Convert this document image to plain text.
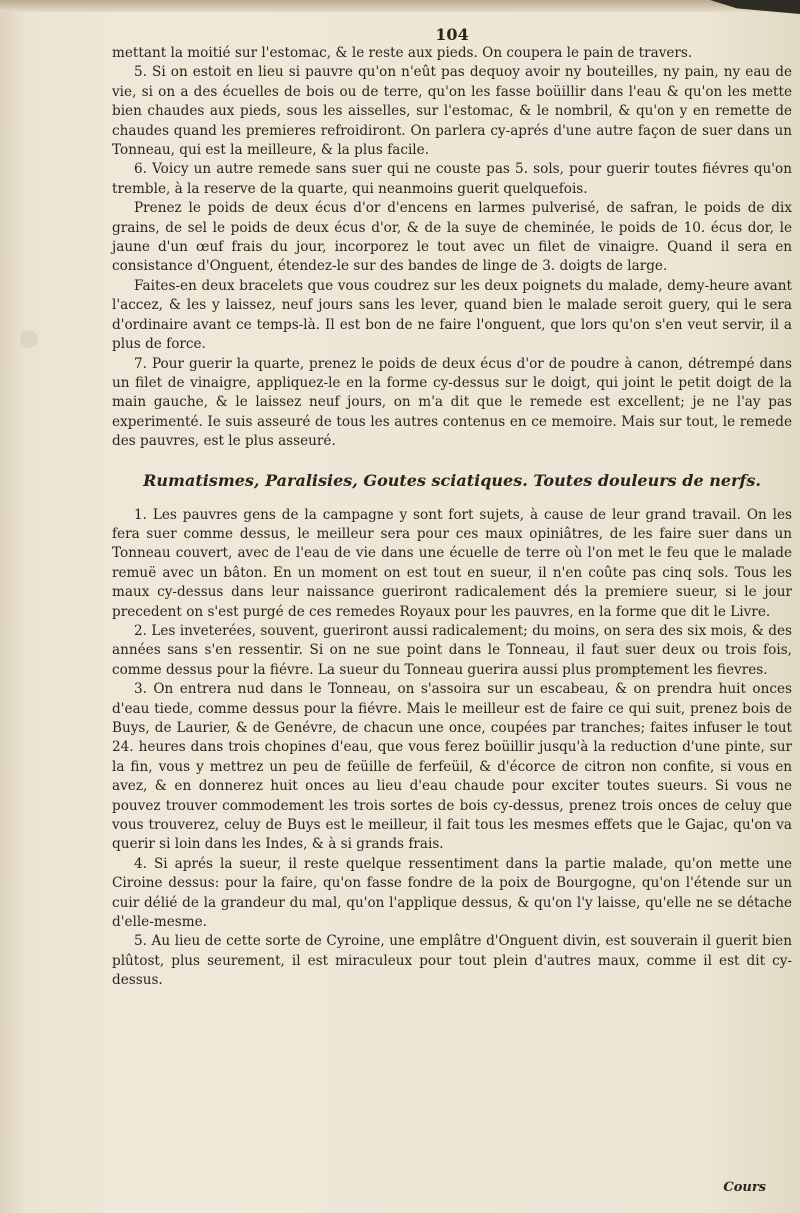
104

mettant la moitié sur l'estomac, & le reste aux pieds. On coupera le pain de travers.

5. Si on estoit en lieu si pauvre qu'on n'eût pas dequoy avoir ny bouteilles, ny pain, ny eau de vie, si on a des écuelles de bois ou de terre, qu'on les fasse boüillir dans l'eau & qu'on les mette bien chaudes aux pieds, sous les aisselles, sur l'estomac, & le nombril, & qu'on y en remette de chaudes quand les premieres refroidiront. On parlera cy-aprés d'une autre façon de suer dans un Tonneau, qui est la meilleure, & la plus facile.

6. Voicy un autre remede sans suer qui ne couste pas 5. sols, pour guerir toutes fiévres qu'on tremble, à la reserve de la quarte, qui neanmoins guerit quelquefois.

Prenez le poids de deux écus d'or d'encens en larmes pulverisé, de safran, le poids de dix grains, de sel le poids de deux écus d'or, & de la suye de cheminée, le poids de 10. écus dor, le jaune d'un œuf frais du jour, incorporez le tout avec un filet de vinaigre. Quand il sera en consistance d'Onguent, étendez-le sur des bandes de linge de 3. doigts de large.

Faites-en deux bracelets que vous coudrez sur les deux poignets du malade, demy-heure avant l'accez, & les y laissez, neuf jours sans les lever, quand bien le malade seroit guery, qui le sera d'ordinaire avant ce temps-là. Il est bon de ne faire l'onguent, que lors qu'on s'en veut servir, il a plus de force.

7. Pour guerir la quarte, prenez le poids de deux écus d'or de poudre à canon, détrempé dans un filet de vinaigre, appliquez-le en la forme cy-dessus sur le doigt, qui joint le petit doigt de la main gauche, & le laissez neuf jours, on m'a dit que le remede est excellent; je ne l'ay pas experimenté. Ie suis asseuré de tous les autres contenus en ce memoire. Mais sur tout, le remede des pauvres, est le plus asseuré.

Rumatismes, Paralisies, Goutes sciatiques. Toutes douleurs de nerfs.

1. Les pauvres gens de la campagne y sont fort sujets, à cause de leur grand travail. On les fera suer comme dessus, le meilleur sera pour ces maux opiniâtres, de les faire suer dans un Tonneau couvert, avec de l'eau de vie dans une écuelle de terre où l'on met le feu que le malade remuë avec un bâton. En un moment on est tout en sueur, il n'en coûte pas cinq sols. Tous les maux cy-dessus dans leur naissance gueriront radicalement dés la premiere sueur, si le jour precedent on s'est purgé de ces remedes Royaux pour les pauvres, en la forme que dit le Livre.

2. Les inveterées, souvent, gueriront aussi radicalement; du moins, on sera des six mois, & des années sans s'en ressentir. Si on ne sue point dans le Tonneau, il faut suer deux ou trois fois, comme dessus pour la fiévre. La sueur du Tonneau guerira aussi plus promptement les fievres.

3. On entrera nud dans le Tonneau, on s'assoira sur un escabeau, & on prendra huit onces d'eau tiede, comme dessus pour la fiévre. Mais le meilleur est de faire ce qui suit, prenez bois de Buys, de Laurier, & de Genévre, de chacun une once, coupées par tranches; faites infuser le tout 24. heures dans trois chopines d'eau, que vous ferez boüillir jusqu'à la reduction d'une pinte, sur la fin, vous y mettrez un peu de feüille de ferfeüil, & d'écorce de citron non confite, si vous en avez, & en donnerez huit onces au lieu d'eau chaude pour exciter toutes sueurs. Si vous ne pouvez trouver commodement les trois sortes de bois cy-dessus, prenez trois onces de celuy que vous trouverez, celuy de Buys est le meilleur, il fait tous les mesmes effets que le Gajac, qu'on va querir si loin dans les Indes, & à si grands frais.

4. Si aprés la sueur, il reste quelque ressentiment dans la partie malade, qu'on mette une Ciroine dessus: pour la faire, qu'on fasse fondre de la poix de Bourgogne, qu'on l'étende sur un cuir délié de la grandeur du mal, qu'on l'applique dessus, & qu'on l'y laisse, qu'elle ne se détache d'elle-mesme.

5. Au lieu de cette sorte de Cyroine, une emplâtre d'Onguent divin, est souverain il guerit bien plûtost, plus seurement, il est miraculeux pour tout plein d'autres maux, comme il est dit cy-dessus.

Cours
